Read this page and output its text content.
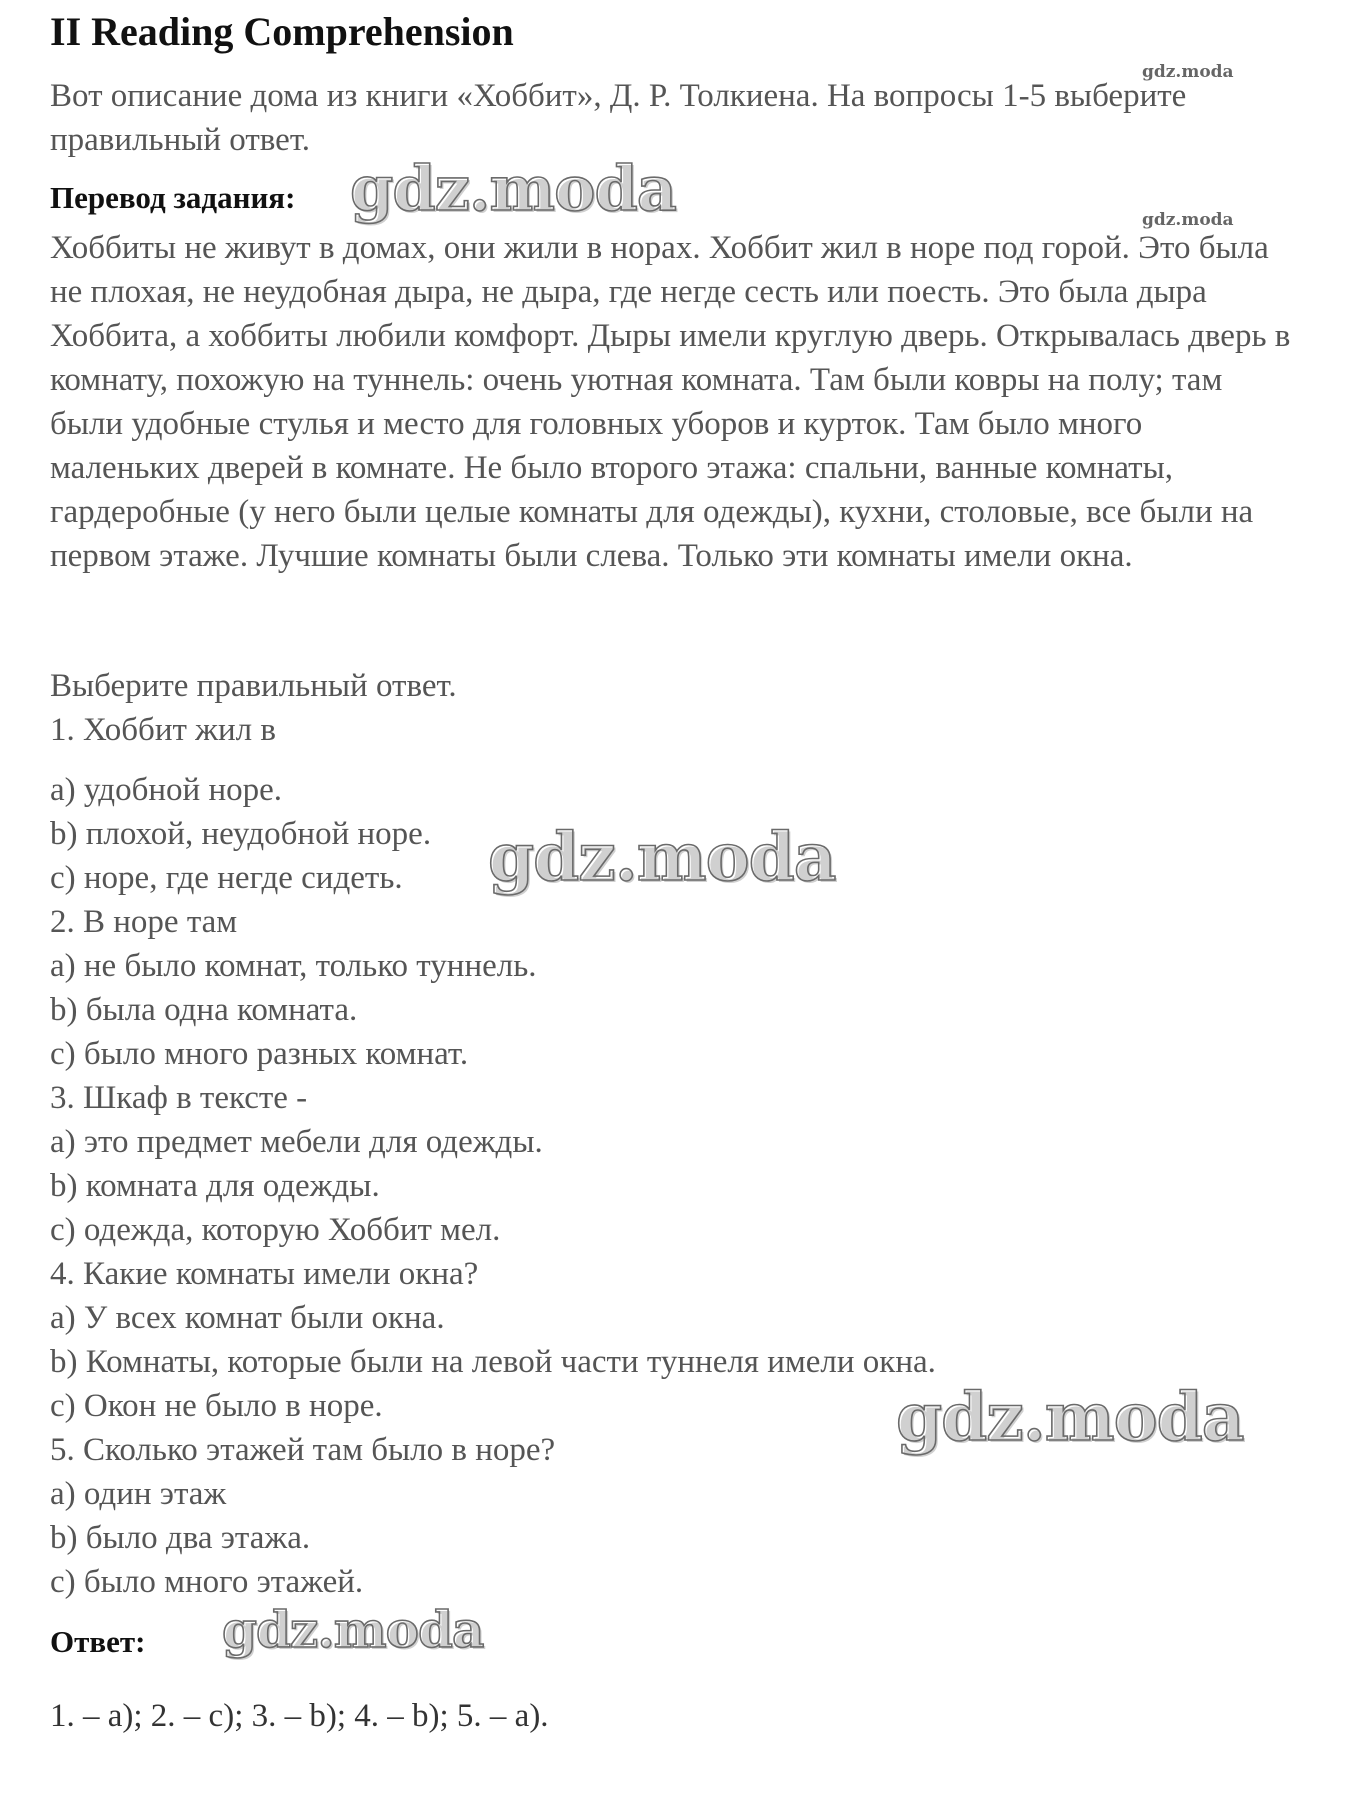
II Reading Comprehension
gdz.moda
Вот описание дома из книги «Хоббит», Д. Р. Толкиена. На вопросы 1-5 выберите правильный ответ.
Перевод задания: gdz.moda	gdz.moda
Хоббиты не живут в домах, они жили в норах. Хоббит жил в норе под горой. Это была не плохая, не неудобная дыра, не дыра, где негде сесть или поесть. Это была дыра Хоббита, а хоббиты любили комфорт. Дыры имели круглую дверь. Открывалась дверь в комнату, похожую на туннель: очень уютная комната. Там были ковры на полу; там были удобные стулья и место для головных уборов и курток. Там было много маленьких дверей в комнате. Не было второго этажа: спальни, ванные комнаты, гардеробные (у него были целые комнаты для одежды), кухни, столовые, все были на первом этаже. Лучшие комнаты были слева. Только эти комнаты имели окна.
Выберите правильный ответ.
1. Хоббит жил в
a) удобной норе.
b) плохой, неудобной норе.
c) норе, где негде сидеть. gdz.moda
2. В норе там
a) не было комнат, только туннель.
b) была одна комната.
c) было много разных комнат.
3. Шкаф в тексте -
a) это предмет мебели для одежды.
b) комната для одежды.
c) одежда, которую Хоббит мел.
4. Какие комнаты имели окна?
a) У всех комнат были окна.
b) Комнаты, которые были на левой части туннеля имели окна.
c) Окон не было в норе.	gdz.moda
5. Сколько этажей там было в норе?
a) один этаж
b) было два этажа.
c) было много этажей.
Ответ: gdz.moda
1. – a); 2. – c); 3. – b); 4. – b); 5. – a).
